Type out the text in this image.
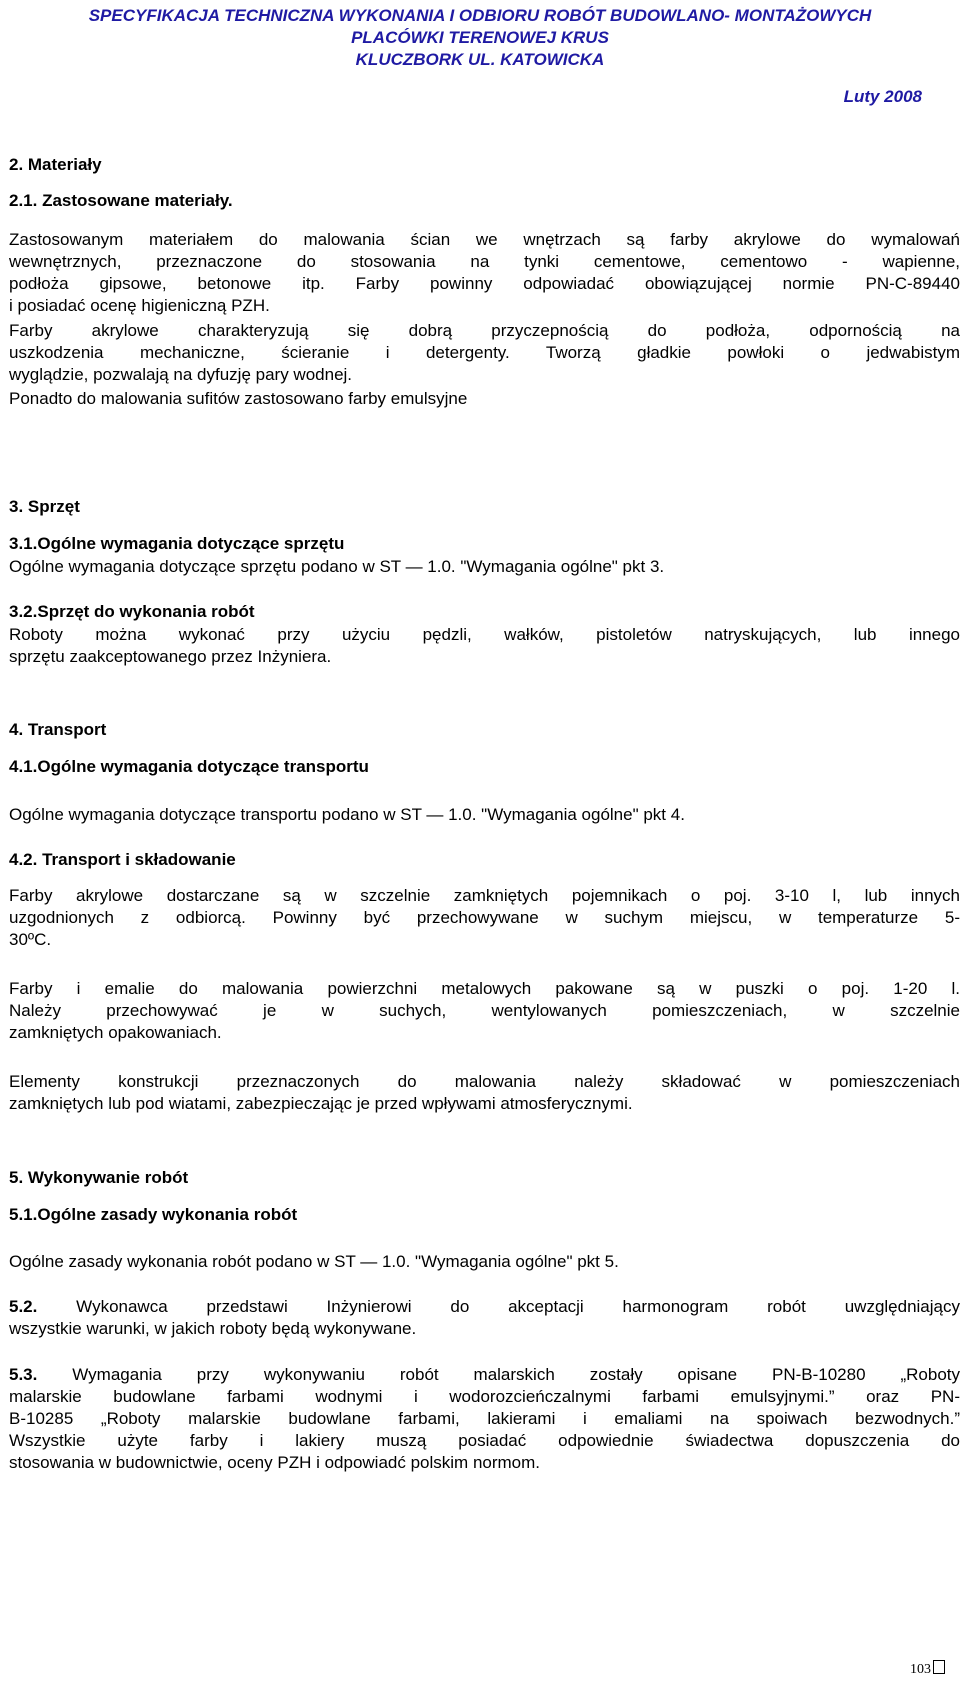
SPECYFIKACJA TECHNICZNA WYKONANIA I ODBIORU ROBÓT BUDOWLANO- MONTAŻOWYCH
PLACÓWKI TERENOWEJ KRUS
KLUCZBORK UL. KATOWICKA
Luty 2008
2. Materiały
2.1. Zastosowane materiały.
Zastosowanym materiałem do malowania ścian we wnętrzach są farby akrylowe do wymalowań
wewnętrznych, przeznaczone do stosowania na tynki cementowe, cementowo - wapienne,
podłoża gipsowe, betonowe itp. Farby powinny odpowiadać obowiązującej normie PN-C-89440
i posiadać ocenę higieniczną PZH.
Farby akrylowe charakteryzują się dobrą przyczepnością do podłoża, odpornością na
uszkodzenia mechaniczne, ścieranie i detergenty. Tworzą gładkie powłoki o jedwabistym
wyglądzie, pozwalają na dyfuzję pary wodnej.
Ponadto do malowania sufitów zastosowano farby emulsyjne
3. Sprzęt
3.1.Ogólne wymagania dotyczące sprzętu
Ogólne wymagania dotyczące sprzętu podano w ST — 1.0. "Wymagania ogólne" pkt 3.
3.2.Sprzęt do wykonania robót
Roboty można wykonać przy użyciu pędzli, wałków, pistoletów natryskujących, lub innego
sprzętu zaakceptowanego przez Inżyniera.
4. Transport
4.1.Ogólne wymagania dotyczące transportu
Ogólne wymagania dotyczące transportu podano w ST — 1.0. "Wymagania ogólne" pkt 4.
4.2. Transport i składowanie
Farby akrylowe dostarczane są w szczelnie zamkniętych pojemnikach o poj. 3-10 l, lub innych
uzgodnionych z odbiorcą. Powinny być przechowywane w suchym miejscu, w temperaturze 5-
30ºC.
Farby i emalie do malowania powierzchni metalowych pakowane są w puszki o poj. 1-20 l.
Należy przechowywać je w suchych, wentylowanych pomieszczeniach, w szczelnie
zamkniętych opakowaniach.
Elementy konstrukcji przeznaczonych do malowania należy składować w pomieszczeniach
zamkniętych lub pod wiatami, zabezpieczając je przed wpływami atmosferycznymi.
5. Wykonywanie robót
5.1.Ogólne zasady wykonania robót
Ogólne zasady wykonania robót podano w ST — 1.0. "Wymagania ogólne" pkt 5.
5.2. Wykonawca przedstawi Inżynierowi do akceptacji harmonogram robót uwzględniający
wszystkie warunki, w jakich roboty będą wykonywane.
5.3. Wymagania przy wykonywaniu robót malarskich zostały opisane PN-B-10280 „Roboty
malarskie budowlane farbami wodnymi i wodorozcieńczalnymi farbami emulsyjnymi.” oraz PN-
B-10285 „Roboty malarskie budowlane farbami, lakierami i emaliami na spoiwach bezwodnych.”
Wszystkie użyte farby i lakiery muszą posiadać odpowiednie świadectwa dopuszczenia do
stosowania w budownictwie, oceny PZH i odpowiadć polskim normom.
103
